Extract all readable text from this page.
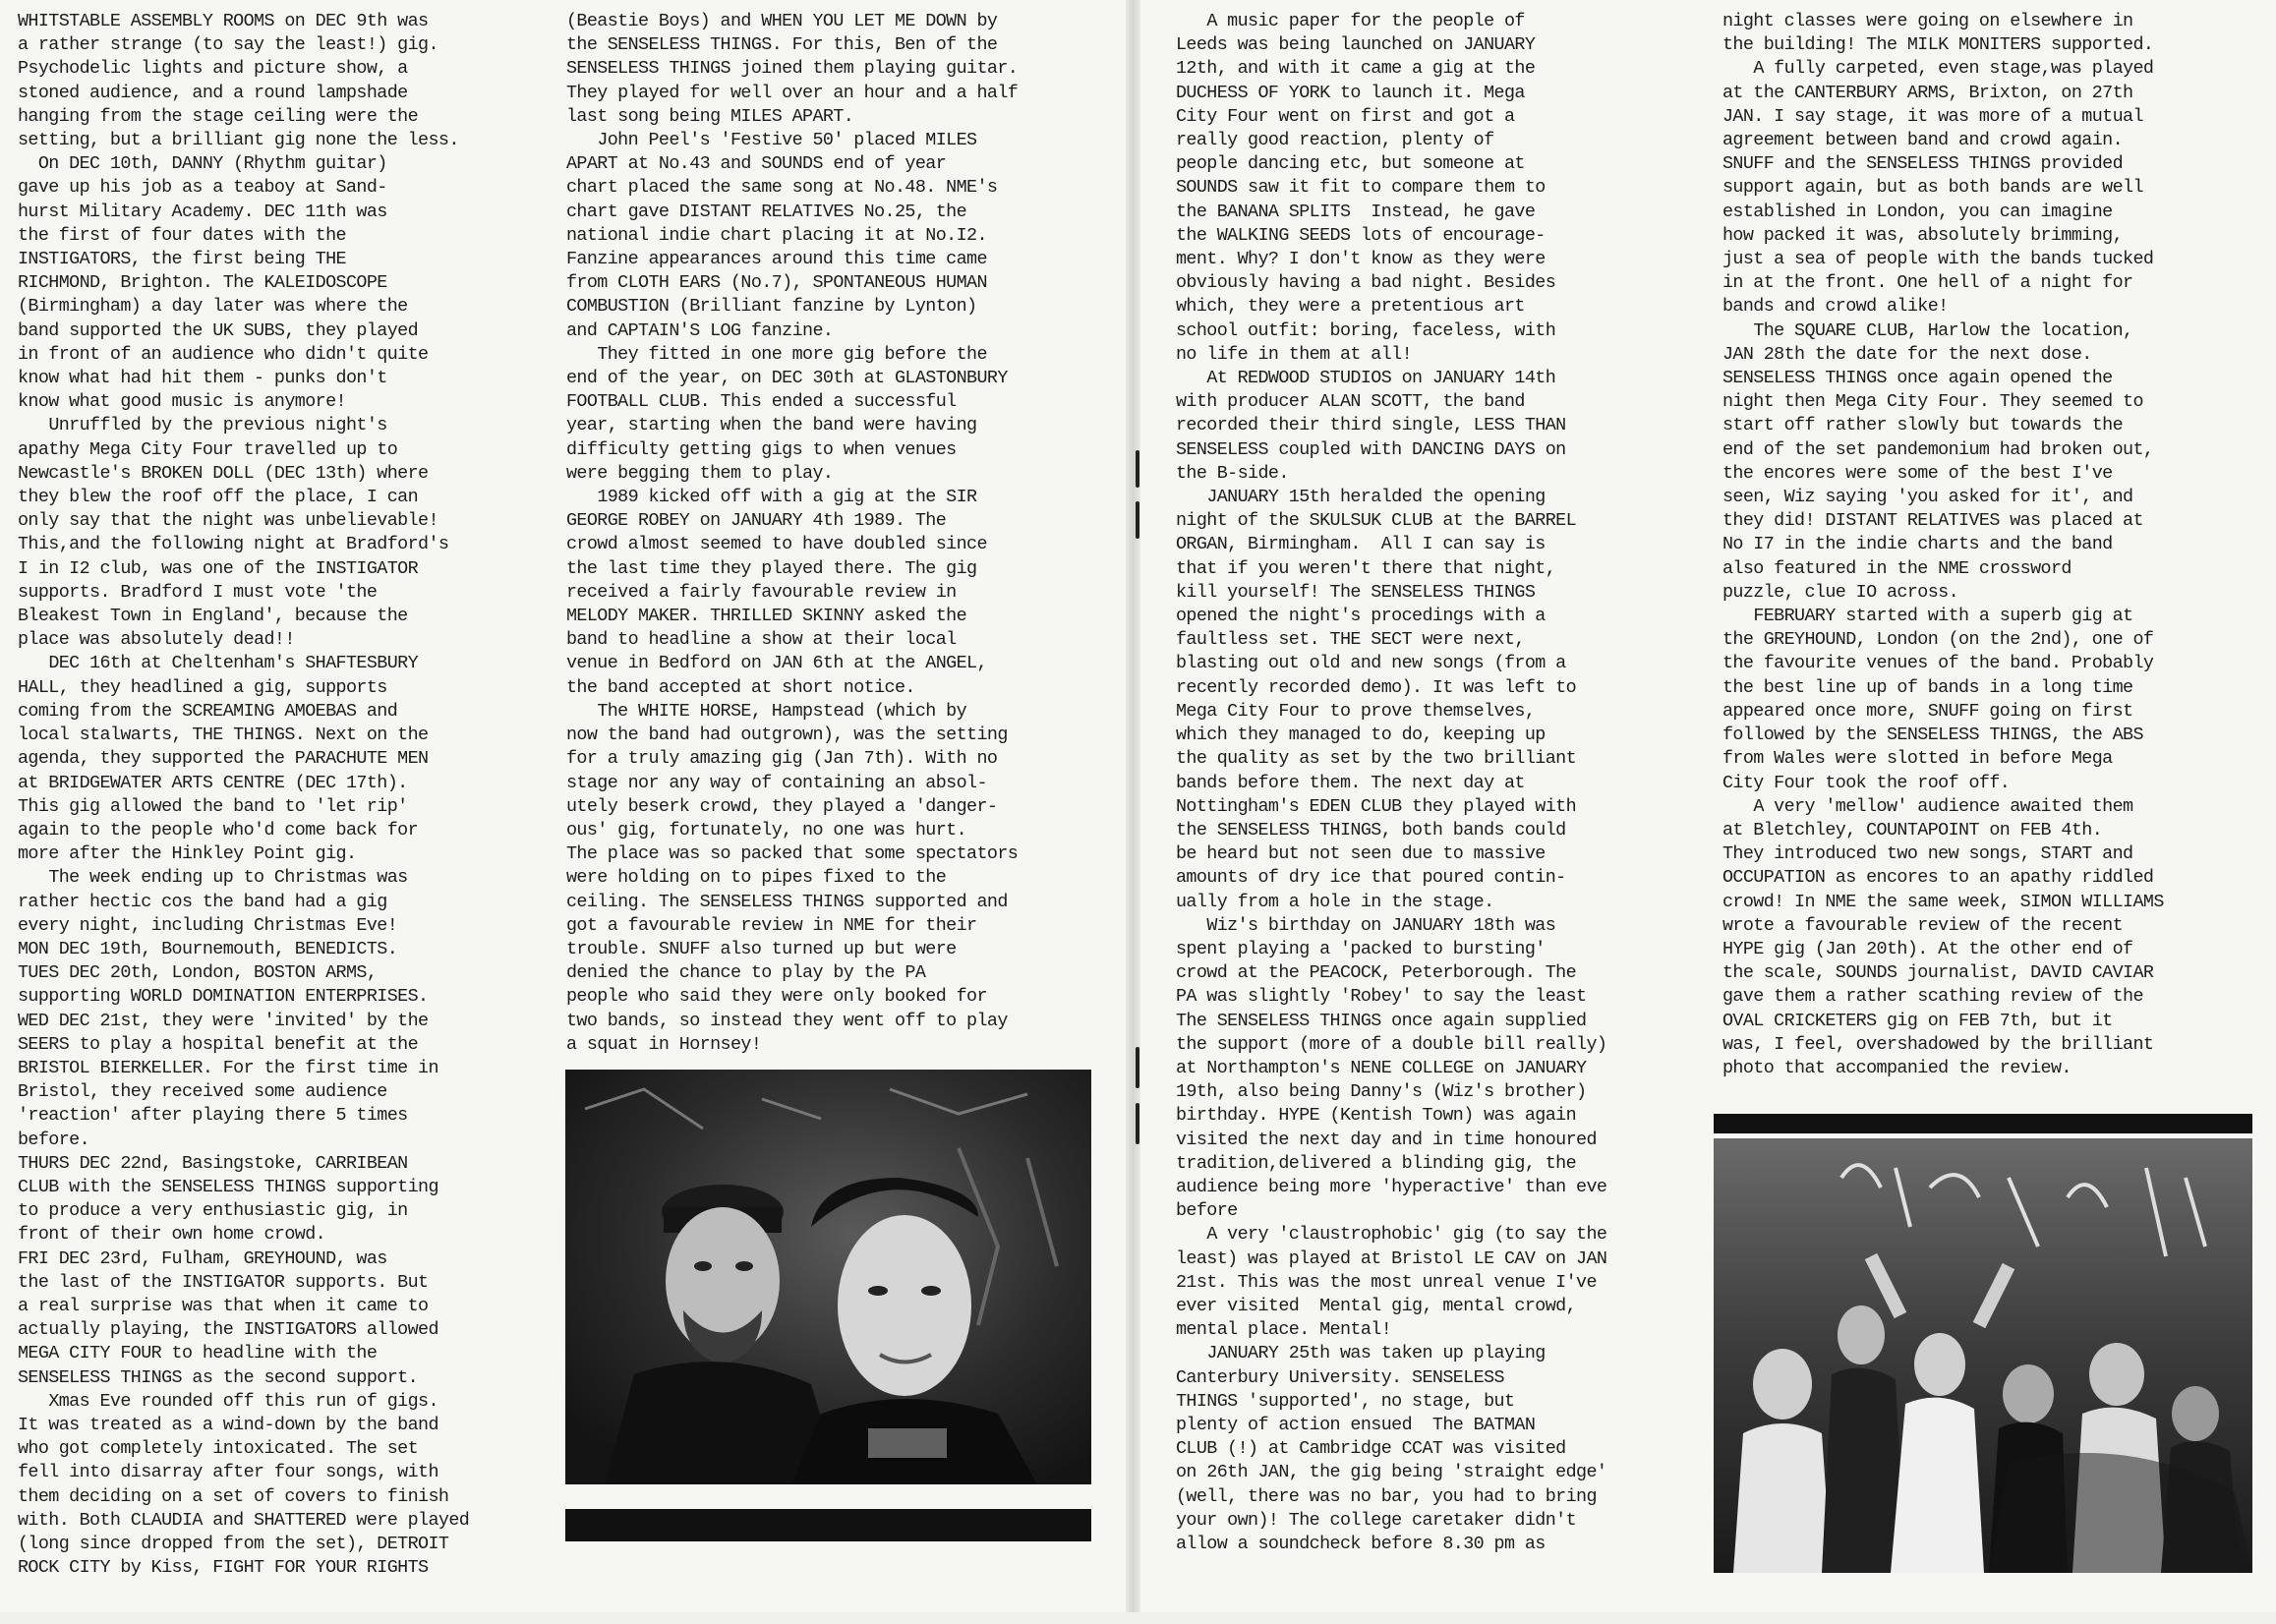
WHITSTABLE ASSEMBLY ROOMS on DEC 9th was
a rather strange (to say the least!) gig.
Psychodelic lights and picture show, a
stoned audience, and a round lampshade
hanging from the stage ceiling were the
setting, but a brilliant gig none the less.
On DEC 10th, DANNY (Rhythm guitar)
gave up his job as a teaboy at Sand-
hurst Military Academy. DEC 11th was
the first of four dates with the
INSTIGATORS, the first being THE
RICHMOND, Brighton. The KALEIDOSCOPE
(Birmingham) a day later was where the
band supported the UK SUBS, they played
in front of an audience who didn't quite
know what had hit them - punks don't
know what good music is anymore!
Unruffled by the previous night's
apathy Mega City Four travelled up to
Newcastle's BROKEN DOLL (DEC 13th) where
they blew the roof off the place, I can
only say that the night was unbelievable!
This,and the following night at Bradford's
I in I2 club, was one of the INSTIGATOR
supports. Bradford I must vote 'the
Bleakest Town in England', because the
place was absolutely dead!!
DEC 16th at Cheltenham's SHAFTESBURY
HALL, they headlined a gig, supports
coming from the SCREAMING AMOEBAS and
local stalwarts, THE THINGS. Next on the
agenda, they supported the PARACHUTE MEN
at BRIDGEWATER ARTS CENTRE (DEC 17th).
This gig allowed the band to 'let rip'
again to the people who'd come back for
more after the Hinkley Point gig.
The week ending up to Christmas was
rather hectic cos the band had a gig
every night, including Christmas Eve!
MON DEC 19th, Bournemouth, BENEDICTS.
TUES DEC 20th, London, BOSTON ARMS,
supporting WORLD DOMINATION ENTERPRISES.
WED DEC 21st, they were 'invited' by the
SEERS to play a hospital benefit at the
BRISTOL BIERKELLER. For the first time in
Bristol, they received some audience
'reaction' after playing there 5 times
before.
THURS DEC 22nd, Basingstoke, CARRIBEAN
CLUB with the SENSELESS THINGS supporting
to produce a very enthusiastic gig, in
front of their own home crowd.
FRI DEC 23rd, Fulham, GREYHOUND, was
the last of the INSTIGATOR supports. But
a real surprise was that when it came to
actually playing, the INSTIGATORS allowed
MEGA CITY FOUR to headline with the
SENSELESS THINGS as the second support.
Xmas Eve rounded off this run of gigs.
It was treated as a wind-down by the band
who got completely intoxicated. The set
fell into disarray after four songs, with
them deciding on a set of covers to finish
with. Both CLAUDIA and SHATTERED were played
(long since dropped from the set), DETROIT
ROCK CITY by Kiss, FIGHT FOR YOUR RIGHTS
(Beastie Boys) and WHEN YOU LET ME DOWN by
the SENSELESS THINGS. For this, Ben of the
SENSELESS THINGS joined them playing guitar.
They played for well over an hour and a half
last song being MILES APART.
John Peel's 'Festive 50' placed MILES
APART at No.43 and SOUNDS end of year
chart placed the same song at No.48. NME's
chart gave DISTANT RELATIVES No.25, the
national indie chart placing it at No.I2.
Fanzine appearances around this time came
from CLOTH EARS (No.7), SPONTANEOUS HUMAN
COMBUSTION (Brilliant fanzine by Lynton)
and CAPTAIN'S LOG fanzine.
They fitted in one more gig before the
end of the year, on DEC 30th at GLASTONBURY
FOOTBALL CLUB. This ended a successful
year, starting when the band were having
difficulty getting gigs to when venues
were begging them to play.
1989 kicked off with a gig at the SIR
GEORGE ROBEY on JANUARY 4th 1989. The
crowd almost seemed to have doubled since
the last time they played there. The gig
received a fairly favourable review in
MELODY MAKER. THRILLED SKINNY asked the
band to headline a show at their local
venue in Bedford on JAN 6th at the ANGEL,
the band accepted at short notice.
The WHITE HORSE, Hampstead (which by
now the band had outgrown), was the setting
for a truly amazing gig (Jan 7th). With no
stage nor any way of containing an absol-
utely beserk crowd, they played a 'danger-
ous' gig, fortunately, no one was hurt.
The place was so packed that some spectators
were holding on to pipes fixed to the
ceiling. The SENSELESS THINGS supported and
got a favourable review in NME for their
trouble. SNUFF also turned up but were
denied the chance to play by the PA
people who said they were only booked for
two bands, so instead they went off to play
a squat in Hornsey!
A music paper for the people of
Leeds was being launched on JANUARY
12th, and with it came a gig at the
DUCHESS OF YORK to launch it. Mega
City Four went on first and got a
really good reaction, plenty of
people dancing etc, but someone at
SOUNDS saw it fit to compare them to
the BANANA SPLITS  Instead, he gave
the WALKING SEEDS lots of encourage-
ment. Why? I don't know as they were
obviously having a bad night. Besides
which, they were a pretentious art
school outfit: boring, faceless, with
no life in them at all!
At REDWOOD STUDIOS on JANUARY 14th
with producer ALAN SCOTT, the band
recorded their third single, LESS THAN
SENSELESS coupled with DANCING DAYS on
the B-side.
JANUARY 15th heralded the opening
night of the SKULSUK CLUB at the BARREL
ORGAN, Birmingham.  All I can say is
that if you weren't there that night,
kill yourself! The SENSELESS THINGS
opened the night's procedings with a
faultless set. THE SECT were next,
blasting out old and new songs (from a
recently recorded demo). It was left to
Mega City Four to prove themselves,
which they managed to do, keeping up
the quality as set by the two brilliant
bands before them. The next day at
Nottingham's EDEN CLUB they played with
the SENSELESS THINGS, both bands could
be heard but not seen due to massive
amounts of dry ice that poured contin-
ually from a hole in the stage.
Wiz's birthday on JANUARY 18th was
spent playing a 'packed to bursting'
crowd at the PEACOCK, Peterborough. The
PA was slightly 'Robey' to say the least
The SENSELESS THINGS once again supplied
the support (more of a double bill really)
at Northampton's NENE COLLEGE on JANUARY
19th, also being Danny's (Wiz's brother)
birthday. HYPE (Kentish Town) was again
visited the next day and in time honoured
tradition,delivered a blinding gig, the
audience being more 'hyperactive' than eve
before
A very 'claustrophobic' gig (to say the
least) was played at Bristol LE CAV on JAN
21st. This was the most unreal venue I've
ever visited  Mental gig, mental crowd,
mental place. Mental!
JANUARY 25th was taken up playing
Canterbury University. SENSELESS
THINGS 'supported', no stage, but
plenty of action ensued  The BATMAN
CLUB (!) at Cambridge CCAT was visited
on 26th JAN, the gig being 'straight edge'
(well, there was no bar, you had to bring
your own)! The college caretaker didn't
allow a soundcheck before 8.30 pm as
night classes were going on elsewhere in
the building! The MILK MONITERS supported.
A fully carpeted, even stage,was played
at the CANTERBURY ARMS, Brixton, on 27th
JAN. I say stage, it was more of a mutual
agreement between band and crowd again.
SNUFF and the SENSELESS THINGS provided
support again, but as both bands are well
established in London, you can imagine
how packed it was, absolutely brimming,
just a sea of people with the bands tucked
in at the front. One hell of a night for
bands and crowd alike!
The SQUARE CLUB, Harlow the location,
JAN 28th the date for the next dose.
SENSELESS THINGS once again opened the
night then Mega City Four. They seemed to
start off rather slowly but towards the
end of the set pandemonium had broken out,
the encores were some of the best I've
seen, Wiz saying 'you asked for it', and
they did! DISTANT RELATIVES was placed at
No I7 in the indie charts and the band
also featured in the NME crossword
puzzle, clue IO across.
FEBRUARY started with a superb gig at
the GREYHOUND, London (on the 2nd), one of
the favourite venues of the band. Probably
the best line up of bands in a long time
appeared once more, SNUFF going on first
followed by the SENSELESS THINGS, the ABS
from Wales were slotted in before Mega
City Four took the roof off.
A very 'mellow' audience awaited them
at Bletchley, COUNTAPOINT on FEB 4th.
They introduced two new songs, START and
OCCUPATION as encores to an apathy riddled
crowd! In NME the same week, SIMON WILLIAMS
wrote a favourable review of the recent
HYPE gig (Jan 20th). At the other end of
the scale, SOUNDS journalist, DAVID CAVIAR
gave them a rather scathing review of the
OVAL CRICKETERS gig on FEB 7th, but it
was, I feel, overshadowed by the brilliant
photo that accompanied the review.
